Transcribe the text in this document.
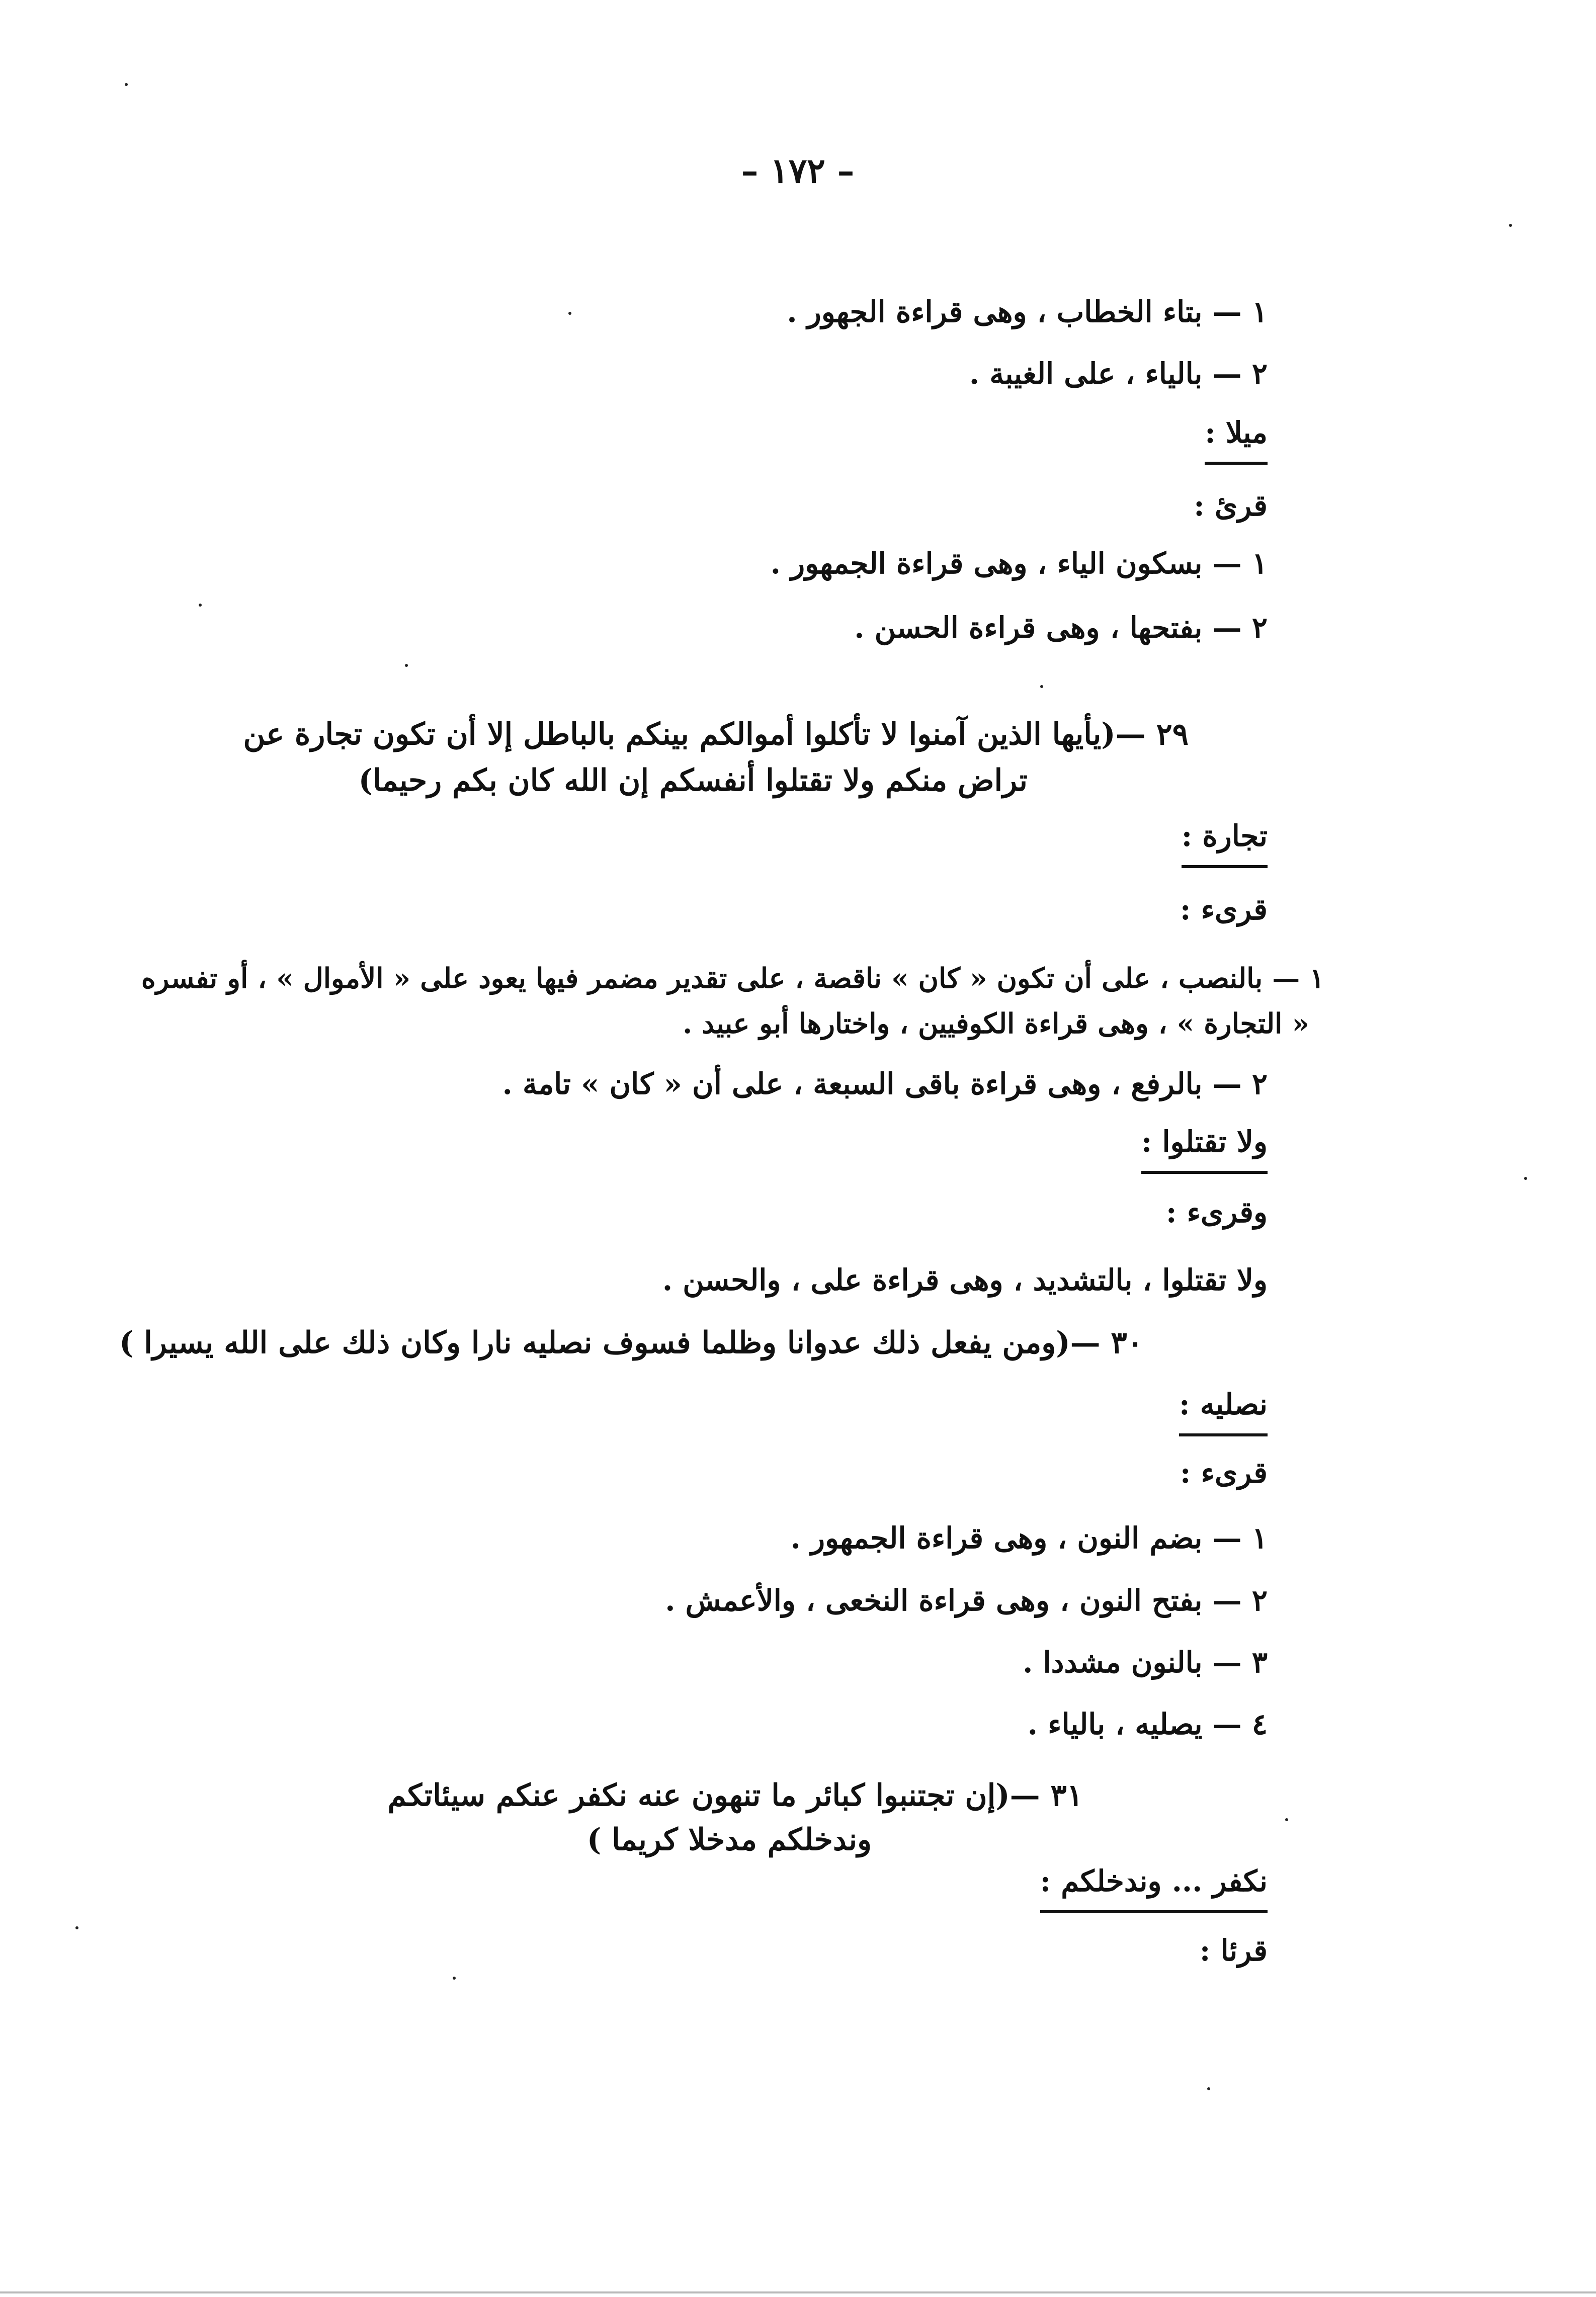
– ١٧٢ –
١ — بتاء الخطاب ، وهى قراءة الجهور .
٢ — بالياء ، على الغيبة .
ميلا :
قرئ :
١ — بسكون الياء ، وهى قراءة الجمهور .
٢ — بفتحها ، وهى قراءة الحسن .
٢٩ —(يأيها الذين آمنوا لا تأكلوا أموالكم بينكم بالباطل إلا أن تكون تجارة عن
تراض منكم ولا تقتلوا أنفسكم إن الله كان بكم رحيما)
تجارة :
قرىء :
١ — بالنصب ، على أن تكون « كان » ناقصة ، على تقدير مضمر فيها يعود على « الأموال » ، أو تفسره
« التجارة » ، وهى قراءة الكوفيين ، واختارها أبو عبيد .
٢ — بالرفع ، وهى قراءة باقى السبعة ، على أن « كان » تامة .
ولا تقتلوا :
وقرىء :
ولا تقتلوا ، بالتشديد ، وهى قراءة على ، والحسن .
٣٠ —(ومن يفعل ذلك عدوانا وظلما فسوف نصليه نارا وكان ذلك على الله يسيرا )
نصليه :
قرىء :
١ — بضم النون ، وهى قراءة الجمهور .
٢ — بفتح النون ، وهى قراءة النخعى ، والأعمش .
٣ — بالنون مشددا .
٤ — يصليه ، بالياء .
٣١ —(إن تجتنبوا كبائر ما تنهون عنه نكفر عنكم سيئاتكم
وندخلكم مدخلا كريما )
نكفر ... وندخلكم :
قرئا :
